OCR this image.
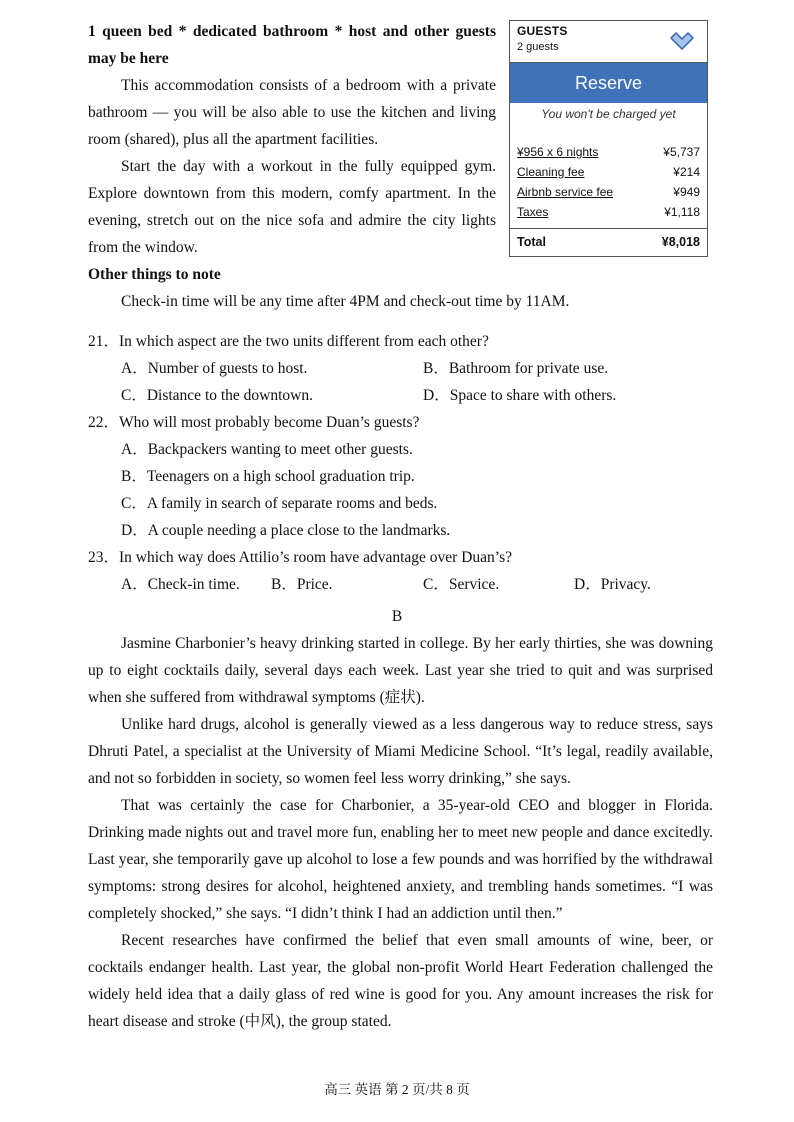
1 queen bed * dedicated bathroom * host and other guests may be here
This accommodation consists of a bedroom with a private bathroom — you will be also able to use the kitchen and living room (shared), plus all the apartment facilities.
Start the day with a workout in the fully equipped gym. Explore downtown from this modern, comfy apartment. In the evening, stretch out on the nice sofa and admire the city lights from the window.
Other things to note
Check-in time will be any time after 4PM and check-out time by 11AM.
GUESTS
2 guests
Reserve
You won't be charged yet
¥956 x 6 nights	¥5,737
Cleaning fee	¥214
Airbnb service fee	¥949
Taxes	¥1,118
Total	¥8,018
21．In which aspect are the two units different from each other?
A．Number of guests to host.	B．Bathroom for private use.
C．Distance to the downtown.	D．Space to share with others.
22．Who will most probably become Duan’s guests?
A．Backpackers wanting to meet other guests.
B．Teenagers on a high school graduation trip.
C．A family in search of separate rooms and beds.
D．A couple needing a place close to the landmarks.
23．In which way does Attilio’s room have advantage over Duan’s?
A．Check-in time. B．Price.	C．Service.	D．Privacy.
B
Jasmine Charbonier’s heavy drinking started in college. By her early thirties, she was downing up to eight cocktails daily, several days each week. Last year she tried to quit and was surprised when she suffered from withdrawal symptoms (症状).
Unlike hard drugs, alcohol is generally viewed as a less dangerous way to reduce stress, says Dhruti Patel, a specialist at the University of Miami Medicine School. “It’s legal, readily available, and not so forbidden in society, so women feel less worry drinking,” she says.
That was certainly the case for Charbonier, a 35-year-old CEO and blogger in Florida. Drinking made nights out and travel more fun, enabling her to meet new people and dance excitedly. Last year, she temporarily gave up alcohol to lose a few pounds and was horrified by the withdrawal symptoms: strong desires for alcohol, heightened anxiety, and trembling hands sometimes. “I was completely shocked,” she says. “I didn’t think I had an addiction until then.”
Recent researches have confirmed the belief that even small amounts of wine, beer, or cocktails endanger health. Last year, the global non-profit World Heart Federation challenged the widely held idea that a daily glass of red wine is good for you. Any amount increases the risk for heart disease and stroke (中风), the group stated.
高三 英语 第 2 页/共 8 页
